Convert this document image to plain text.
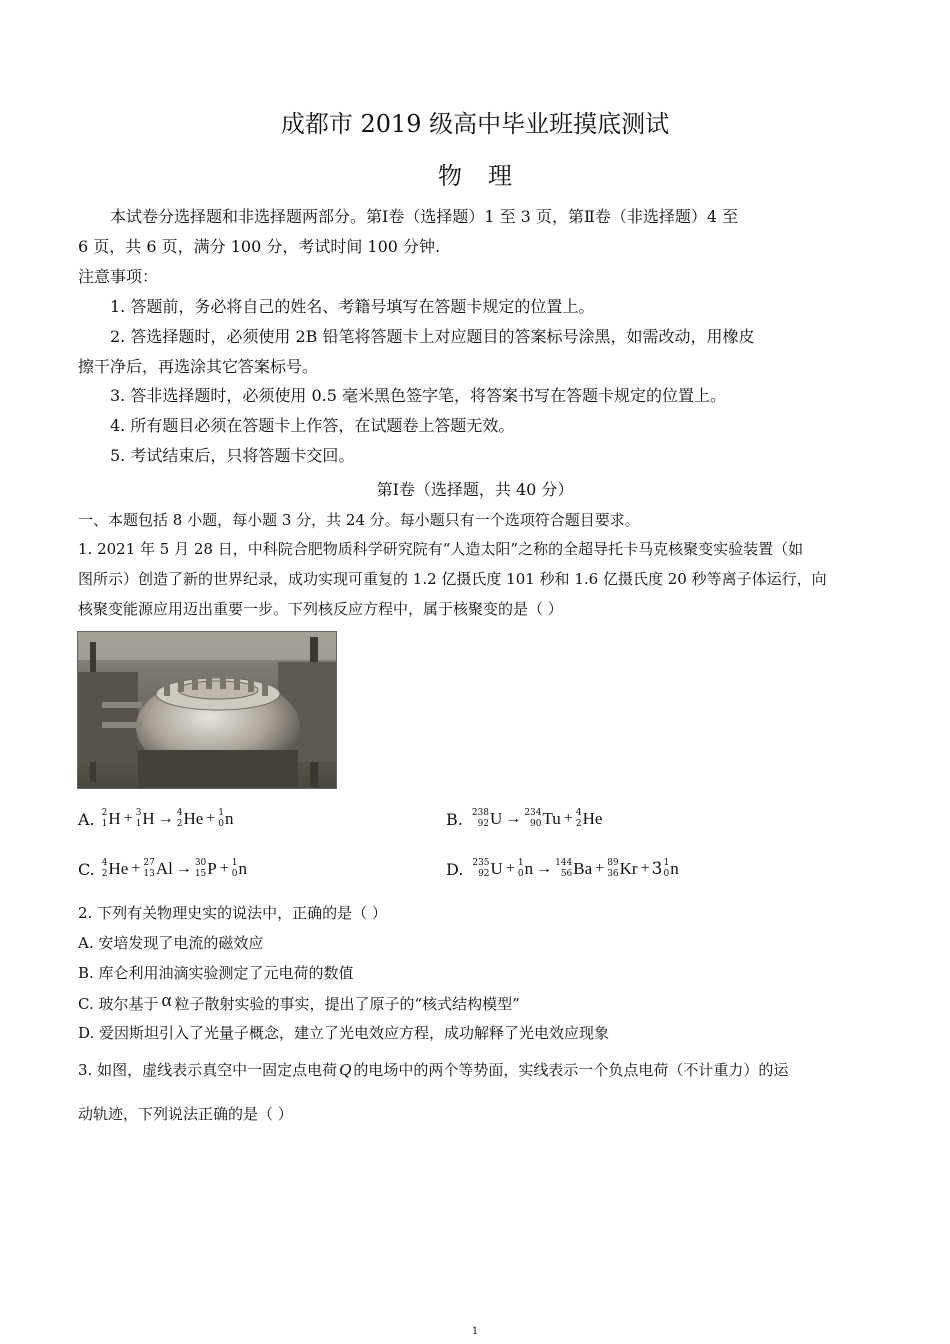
成都市 2019 级高中毕业班摸底测试
物理
本试卷分选择题和非选择题两部分。第Ⅰ卷（选择题）1 至 3 页，第Ⅱ卷（非选择题）4 至
6 页，共 6 页，满分 100 分，考试时间 100 分钟.
注意事项：
1. 答题前，务必将自己的姓名、考籍号填写在答题卡规定的位置上。
2. 答选择题时，必须使用 2B 铅笔将答题卡上对应题目的答案标号涂黑，如需改动，用橡皮
擦干净后，再选涂其它答案标号。
3. 答非选择题时，必须使用 0.5 毫米黑色签字笔，将答案书写在答题卡规定的位置上。
4. 所有题目必须在答题卡上作答，在试题卷上答题无效。
5. 考试结束后，只将答题卡交回。
第Ⅰ卷（选择题，共 40 分）
一、本题包括 8 小题，每小题 3 分，共 24 分。每小题只有一个选项符合题目要求。
1. 2021 年 5 月 28 日，中科院合肥物质科学研究院有“人造太阳”之称的全超导托卡马克核聚变实验装置（如
图所示）创造了新的世界纪录，成功实现可重复的 1.2 亿摄氏度 101 秒和 1.6 亿摄氏度 20 秒等离子体运行，向
核聚变能源应用迈出重要一步。下列核反应方程中，属于核聚变的是（ ）
A. 2
1 H + 3
1 H → 4
2 He + 1
0 n	B. 238
92 U → 234
90 Tu + 4
2 He
C. 4
2 He + 27
13 Al → 30
15 P + 1
0 n	D. 235
92 U + 1
0 n → 144
56 Ba + 89
36 Kr + 3 1
0 n
2. 下列有关物理史实的说法中，正确的是（ ）
A. 安培发现了电流的磁效应
B. 库仑利用油滴实验测定了元电荷的数值
C. 玻尔基于 α 粒子散射实验的事实，提出了原子的“核式结构模型”
D. 爱因斯坦引入了光量子概念，建立了光电效应方程，成功解释了光电效应现象
3. 如图，虚线表示真空中一固定点电荷 Q 的电场中的两个等势面，实线表示一个负点电荷（不计重力）的运
动轨迹，下列说法正确的是（ ）
1
